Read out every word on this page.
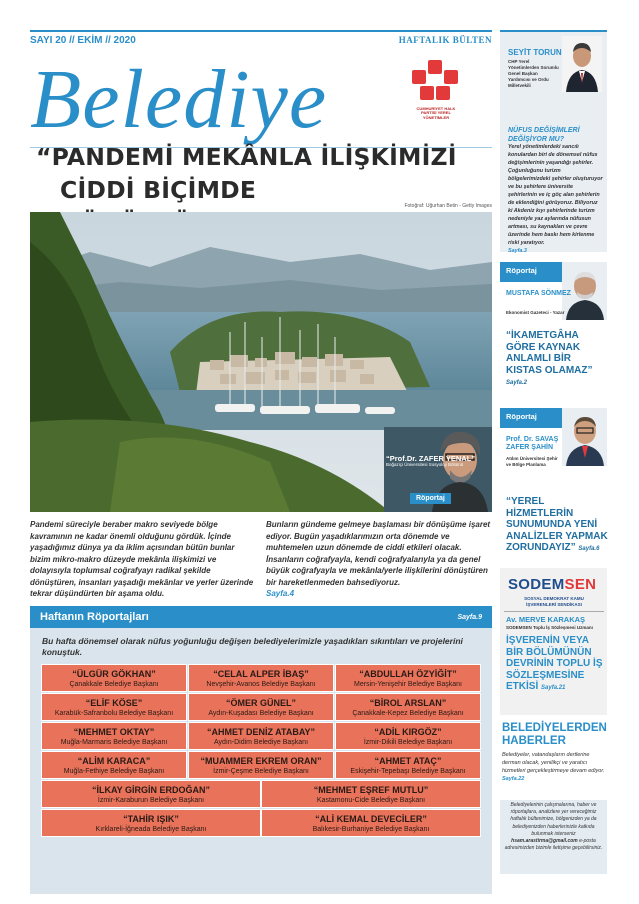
SAYI 20 // EKİM // 2020	HAFTALIK BÜLTEN
Belediye	CUMHURİYET HALK PARTİSİ YEREL YÖNETİMLER
“PANDEMİ MEKÂNLA İLİŞKİMİZİ
CİDDİ BİÇİMDE
Fotoğraf: Uğurhan Betin - Getty Images
“Prof.Dr. ZAFER YENAL”
Boğaziçi Üniversitesi Sosyoloji Bölümü
Röportaj
Pandemi süreciyle beraber makro seviyede bölge kavramının ne kadar önemli olduğunu gördük. İçinde yaşadığımız dünya ya da iklim açısından bütün bunlar bizim mikro-makro düzeyde mekânla ilişkimizi ve dolayısıyla toplumsal coğrafyayı radikal şekilde dönüştüren, insanları yaşadığı mekânlar ve yerler üzerinde tekrar düşündürten bir aşama oldu.
Bunların gündeme gelmeye başlaması bir dönüşüme işaret ediyor. Bugün yaşadıklarımızın orta dönemde ve muhtemelen uzun dönemde de ciddi etkileri olacak. İnsanların coğrafyayla, kendi coğrafyalarıyla ya da genel büyük coğrafyayla ve mekânla/yerle ilişkilerini dönüştüren bir hareketlenmeden bahsediyoruz.
Sayfa.4
Haftanın Röportajları	Sayfa.9
Bu hafta dönemsel olarak nüfus yoğunluğu değişen belediyelerimizle yaşadıkları sıkıntıları ve projelerini konuştuk.
“ÜLGÜR GÖKHAN”
Çanakkale Belediye Başkanı
“CELAL ALPER İBAŞ”
Nevşehir-Avanos Belediye Başkanı
“ABDULLAH ÖZYİĞİT”
Mersin-Yenişehir Belediye Başkanı
“ELİF KÖSE”
Karabük-Safranbolu Belediye Başkanı
“ÖMER GÜNEL”
Aydın-Kuşadası Belediye Başkanı
“BİROL ARSLAN”
Çanakkale-Kepez Belediye Başkanı
“MEHMET OKTAY”
Muğla-Marmaris Belediye Başkanı
“AHMET DENİZ ATABAY”
Aydın-Didim Belediye Başkanı
“ADİL KIRGÖZ”
İzmir-Dikili Belediye Başkanı
“ALİM KARACA”
Muğla-Fethiye Belediye Başkanı
“MUAMMER EKREM ORAN”
İzmir-Çeşme Belediye Başkanı
“AHMET ATAÇ”
Eskişehir-Tepebaşı Belediye Başkanı
“İLKAY GİRGİN ERDOĞAN”
İzmir-Karaburun Belediye Başkanı
“MEHMET EŞREF MUTLU”
Kastamonu-Cide Belediye Başkanı
“TAHİR IŞIK”
Kırklareli-İğneada Belediye Başkanı
“ALİ KEMAL DEVECİLER”
Balıkesir-Burhaniye Belediye Başkanı
SEYİT TORUN
CHP Yerel Yönetimlerden Sorumlu Genel Başkan Yardımcısı ve Ordu Milletvekili
NÜFUS DEĞİŞİMLERİ DEĞİŞİYOR MU?
Yerel yönetimlerdeki sancılı konulardan biri de dönemsel nüfus değişimlerinin yaşandığı şehirler. Çoğunluğunu turizm bölgelerimizdeki şehirler oluşturuyor ve bu şehirlere üniversite şehirlerinin ve iç göç alan şehirlerin de eklendiğini görüyoruz. Biliyoruz ki Akdeniz kıyı şehirlerinde turizm nedeniyle yaz aylarında nüfusun artması, su kaynakları ve çevre üzerinde hem baskı hem kirlenme riski yaratıyor.
Sayfa.3
Röportaj
MUSTAFA SÖNMEZ
Ekonomist Gazeteci - Yazar
“İKAMETGÂHA GÖRE KAYNAK ANLAMLI BİR KISTAS OLAMAZ”
Sayfa.2
Röportaj
Prof. Dr. SAVAŞ ZAFER ŞAHİN
Atılım Üniversitesi Şehir ve Bölge Planlama
“YEREL HİZMETLERİN SUNUMUNDA YENİ ANALİZLER YAPMAK ZORUNDAYIZ” Sayfa.6
SODEMSEN
SOSYAL DEMOKRAT KAMU İŞVERENLERİ SENDİKASI
Av. MERVE KARAKAŞ
SODEMSEN Toplu İş Sözleşmesi Uzmanı
İŞVERENİN VEYA BİR BÖLÜMÜNÜN DEVRİNİN TOPLU İŞ SÖZLEŞMESİNE ETKİSİ Sayfa.21
BELEDİYELERDEN HABERLER
Belediyeler, vatandaşların dertlerine derman olacak, yenilikçi ve yaratıcı hizmetleri gerçekleştirmeye devam ediyor.
Sayfa.22
Belediyelerinin çalışmalarına, haber ve röportajlara, analizlere yer vereceğimiz haftalık bültenimize, bölgenizden ya da belediyenizden haberlerinizle katkıda bulunmak isterseniz hsam.arastirma@gmail.com e-posta adresimizden bizimle iletişime geçebilirsiniz.
